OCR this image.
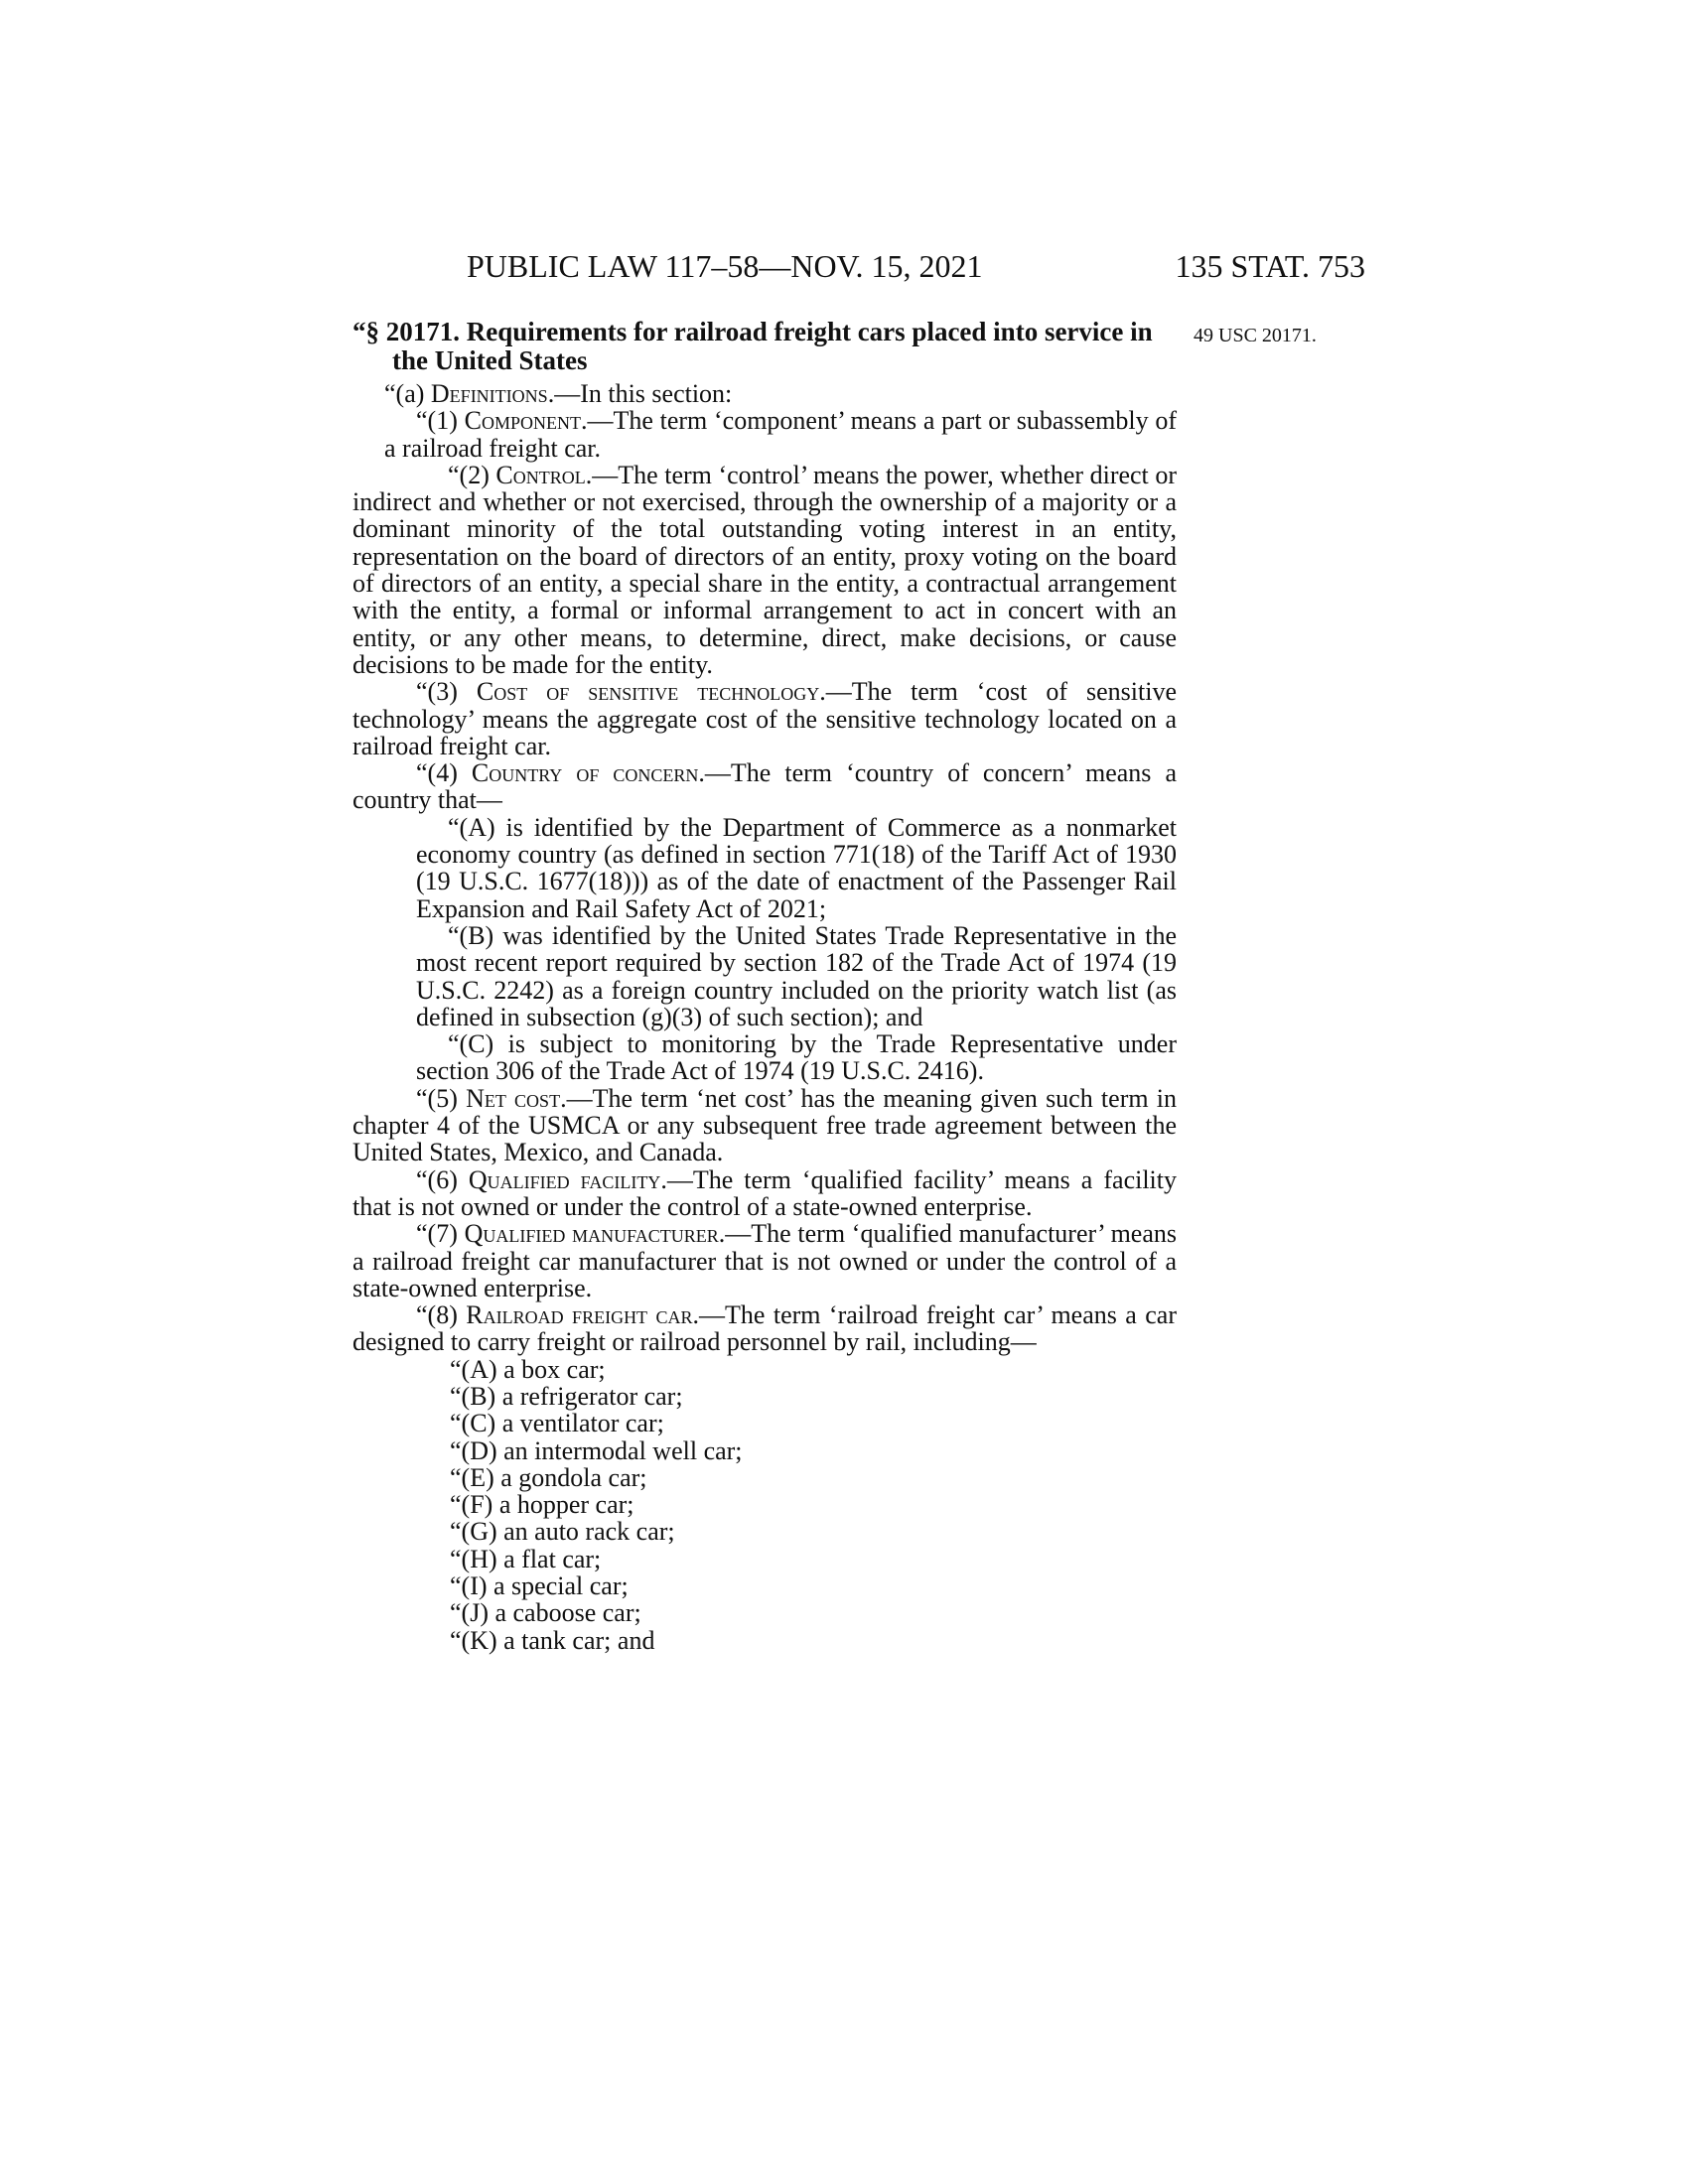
PUBLIC LAW 117–58—NOV. 15, 2021	135 STAT. 753
49 USC 20171.
“§ 20171. Requirements for railroad freight cars placed into service in the United States

“(a) Definitions.—In this section:

“(1) Component.—The term ‘component’ means a part or subassembly of a railroad freight car.

“(2) Control.—The term ‘control’ means the power, whether direct or indirect and whether or not exercised, through the ownership of a majority or a dominant minority of the total outstanding voting interest in an entity, representation on the board of directors of an entity, proxy voting on the board of directors of an entity, a special share in the entity, a contractual arrangement with the entity, a formal or informal arrangement to act in concert with an entity, or any other means, to determine, direct, make decisions, or cause decisions to be made for the entity.

“(3) Cost of sensitive technology.—The term ‘cost of sensitive technology’ means the aggregate cost of the sensitive technology located on a railroad freight car.

“(4) Country of concern.—The term ‘country of concern’ means a country that—

“(A) is identified by the Department of Commerce as a nonmarket economy country (as defined in section 771(18) of the Tariff Act of 1930 (19 U.S.C. 1677(18))) as of the date of enactment of the Passenger Rail Expansion and Rail Safety Act of 2021;

“(B) was identified by the United States Trade Representative in the most recent report required by section 182 of the Trade Act of 1974 (19 U.S.C. 2242) as a foreign country included on the priority watch list (as defined in subsection (g)(3) of such section); and

“(C) is subject to monitoring by the Trade Representative under section 306 of the Trade Act of 1974 (19 U.S.C. 2416).

“(5) Net cost.—The term ‘net cost’ has the meaning given such term in chapter 4 of the USMCA or any subsequent free trade agreement between the United States, Mexico, and Canada.

“(6) Qualified facility.—The term ‘qualified facility’ means a facility that is not owned or under the control of a state-owned enterprise.

“(7) Qualified manufacturer.—The term ‘qualified manufacturer’ means a railroad freight car manufacturer that is not owned or under the control of a state-owned enterprise.

“(8) Railroad freight car.—The term ‘railroad freight car’ means a car designed to carry freight or railroad personnel by rail, including—

“(A) a box car;

“(B) a refrigerator car;

“(C) a ventilator car;

“(D) an intermodal well car;

“(E) a gondola car;

“(F) a hopper car;

“(G) an auto rack car;

“(H) a flat car;

“(I) a special car;

“(J) a caboose car;

“(K) a tank car; and
